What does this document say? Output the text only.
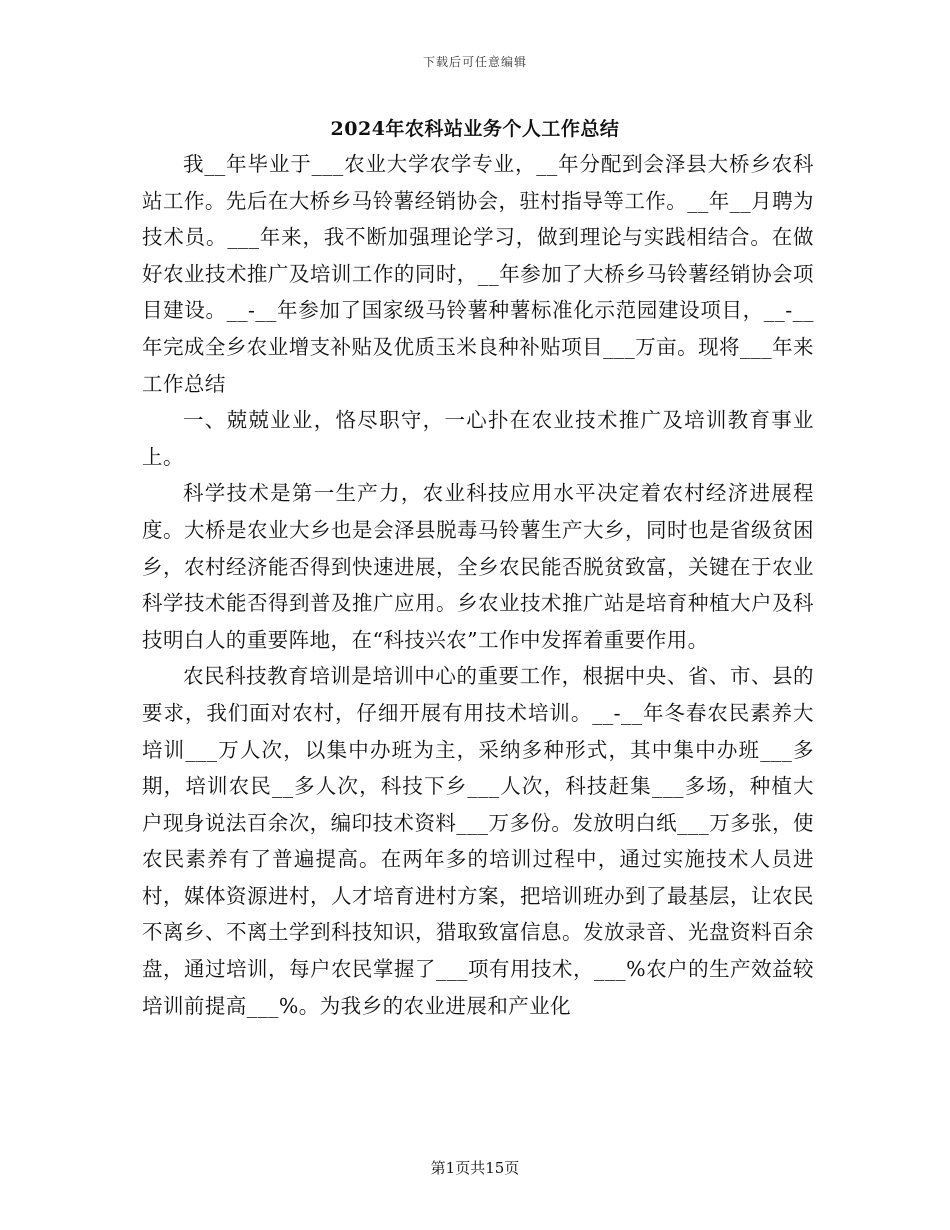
下载后可任意编辑
2024年农科站业务个人工作总结

我__年毕业于___农业大学农学专业，__年分配到会泽县大桥乡农科站工作。先后在大桥乡马铃薯经销协会，驻村指导等工作。__年__月聘为技术员。___年来，我不断加强理论学习，做到理论与实践相结合。在做好农业技术推广及培训工作的同时，__年参加了大桥乡马铃薯经销协会项目建设。__-__年参加了国家级马铃薯种薯标准化示范园建设项目，__-__年完成全乡农业增支补贴及优质玉米良种补贴项目___万亩。现将___年来工作总结

一、兢兢业业，恪尽职守，一心扑在农业技术推广及培训教育事业上。

科学技术是第一生产力，农业科技应用水平决定着农村经济进展程度。大桥是农业大乡也是会泽县脱毒马铃薯生产大乡，同时也是省级贫困乡，农村经济能否得到快速进展，全乡农民能否脱贫致富，关键在于农业科学技术能否得到普及推广应用。乡农业技术推广站是培育种植大户及科技明白人的重要阵地，在“科技兴农”工作中发挥着重要作用。

农民科技教育培训是培训中心的重要工作，根据中央、省、市、县的要求，我们面对农村，仔细开展有用技术培训。__-__年冬春农民素养大培训___万人次，以集中办班为主，采纳多种形式，其中集中办班___多期，培训农民__多人次，科技下乡___人次，科技赶集___多场，种植大户现身说法百余次，编印技术资料___万多份。发放明白纸___万多张，使农民素养有了普遍提高。在两年多的培训过程中，通过实施技术人员进村，媒体资源进村，人才培育进村方案，把培训班办到了最基层，让农民不离乡、不离土学到科技知识，猎取致富信息。发放录音、光盘资料百余盘，通过培训，每户农民掌握了___项有用技术，___%农户的生产效益较培训前提高___%。为我乡的农业进展和产业化

第1页共15页
